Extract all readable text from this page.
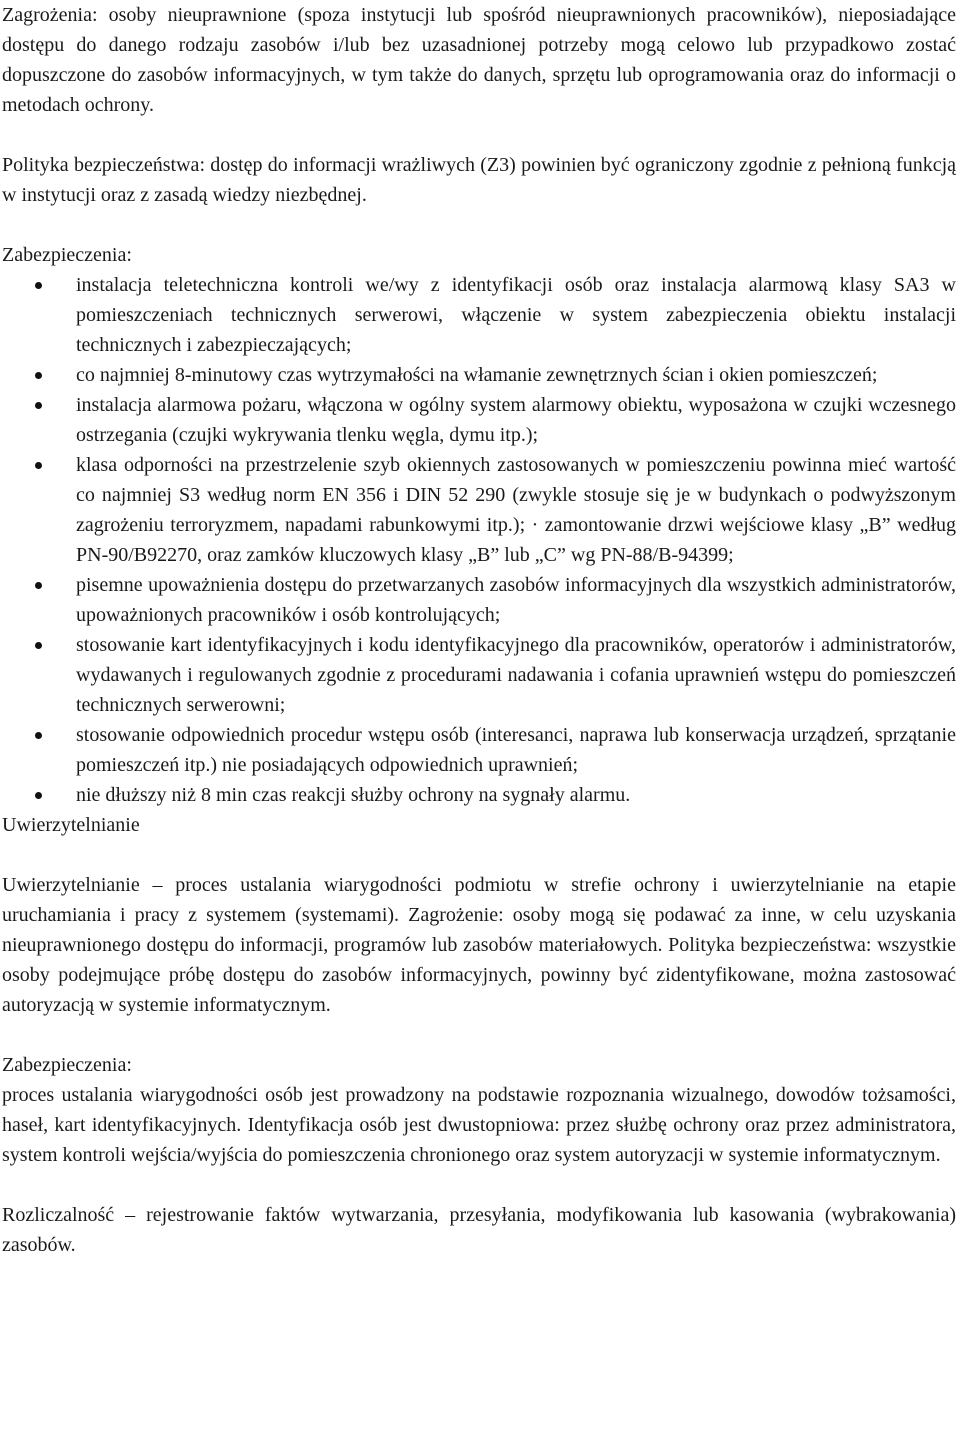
Zagrożenia: osoby nieuprawnione (spoza instytucji lub spośród nieuprawnionych pracowników), nieposiadające dostępu do danego rodzaju zasobów i/lub bez uzasadnionej potrzeby mogą celowo lub przypadkowo zostać dopuszczone do zasobów informacyjnych, w tym także do danych, sprzętu lub oprogramowania oraz do informacji o metodach ochrony.

Polityka bezpieczeństwa: dostęp do informacji wrażliwych (Z3) powinien być ograniczony zgodnie z pełnioną funkcją w instytucji oraz z zasadą wiedzy niezbędnej.

Zabezpieczenia:

instalacja teletechniczna kontroli we/wy z identyfikacji osób oraz instalacja alarmową klasy SA3 w pomieszczeniach technicznych serwerowi, włączenie w system zabezpieczenia obiektu instalacji technicznych i zabezpieczających;
co najmniej 8-minutowy czas wytrzymałości na włamanie zewnętrznych ścian i okien pomieszczeń;
instalacja alarmowa pożaru, włączona w ogólny system alarmowy obiektu, wyposażona w czujki wczesnego ostrzegania (czujki wykrywania tlenku węgla, dymu itp.);
klasa odporności na przestrzelenie szyb okiennych zastosowanych w pomieszczeniu powinna mieć wartość co najmniej S3 według norm EN 356 i DIN 52 290 (zwykle stosuje się je w budynkach o podwyższonym zagrożeniu terroryzmem, napadami rabunkowymi itp.); · zamontowanie drzwi wejściowe klasy „B” według PN-90/B92270, oraz zamków kluczowych klasy „B” lub „C” wg PN-88/B-94399;
pisemne upoważnienia dostępu do przetwarzanych zasobów informacyjnych dla wszystkich administratorów, upoważnionych pracowników i osób kontrolujących;
stosowanie kart identyfikacyjnych i kodu identyfikacyjnego dla pracowników, operatorów i administratorów, wydawanych i regulowanych zgodnie z procedurami nadawania i cofania uprawnień wstępu do pomieszczeń technicznych serwerowni;
stosowanie odpowiednich procedur wstępu osób (interesanci, naprawa lub konserwacja urządzeń, sprzątanie pomieszczeń itp.) nie posiadających odpowiednich uprawnień;
nie dłuższy niż 8 min czas reakcji służby ochrony na sygnały alarmu.

Uwierzytelnianie

Uwierzytelnianie – proces ustalania wiarygodności podmiotu w strefie ochrony i uwierzytelnianie na etapie uruchamiania i pracy z systemem (systemami). Zagrożenie: osoby mogą się podawać za inne, w celu uzyskania nieuprawnionego dostępu do informacji, programów lub zasobów materiałowych. Polityka bezpieczeństwa: wszystkie osoby podejmujące próbę dostępu do zasobów informacyjnych, powinny być zidentyfikowane, można zastosować autoryzacją w systemie informatycznym.

Zabezpieczenia:

proces ustalania wiarygodności osób jest prowadzony na podstawie rozpoznania wizualnego, dowodów tożsamości, haseł, kart identyfikacyjnych. Identyfikacja osób jest dwustopniowa: przez służbę ochrony oraz przez administratora, system kontroli wejścia/wyjścia do pomieszczenia chronionego oraz system autoryzacji w systemie informatycznym.

Rozliczalność – rejestrowanie faktów wytwarzania, przesyłania, modyfikowania lub kasowania (wybrakowania) zasobów.
